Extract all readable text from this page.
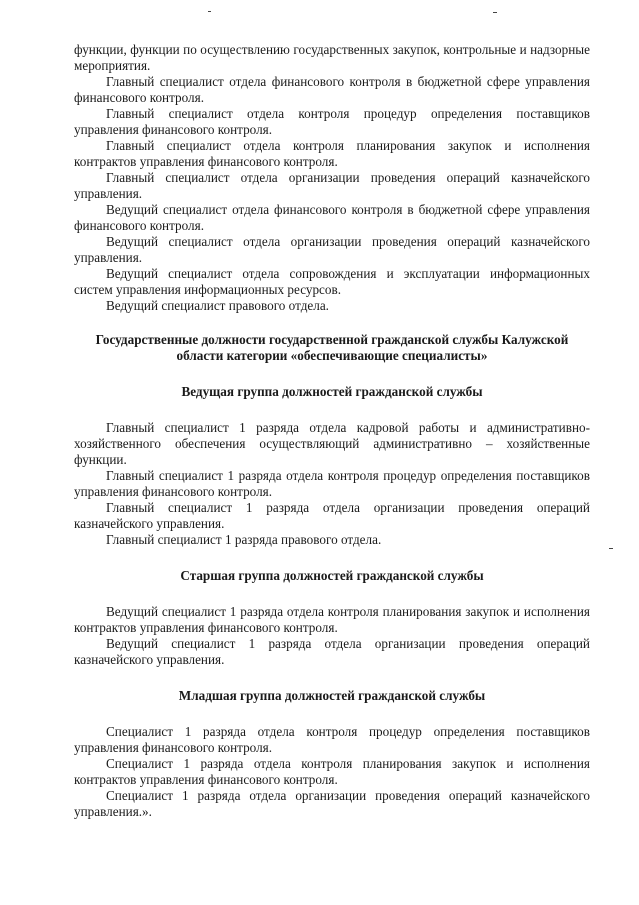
функции, функции по осуществлению государственных закупок, контрольные и надзорные мероприятия.

Главный специалист отдела финансового контроля в бюджетной сфере управления финансового контроля.

Главный специалист отдела контроля процедур определения поставщиков управления финансового контроля.

Главный специалист отдела контроля планирования закупок и исполнения контрактов управления финансового контроля.

Главный специалист отдела организации проведения операций казначейского управления.

Ведущий специалист отдела финансового контроля в бюджетной сфере управления финансового контроля.

Ведущий специалист отдела организации проведения операций казначейского управления.

Ведущий специалист отдела сопровождения и эксплуатации информационных систем управления информационных ресурсов.

Ведущий специалист правового отдела.

Государственные должности государственной гражданской службы Калужской области категории «обеспечивающие специалисты»

Ведущая группа должностей гражданской службы

Главный специалист 1 разряда отдела кадровой работы и административно-хозяйственного обеспечения осуществляющий административно – хозяйственные функции.

Главный специалист 1 разряда отдела контроля процедур определения поставщиков управления финансового контроля.

Главный специалист 1 разряда отдела организации проведения операций казначейского управления.

Главный специалист 1 разряда правового отдела.

Старшая группа должностей гражданской службы

Ведущий специалист 1 разряда отдела контроля планирования закупок и исполнения контрактов управления финансового контроля.

Ведущий специалист 1 разряда отдела организации проведения операций казначейского управления.

Младшая группа должностей гражданской службы

Специалист 1 разряда отдела контроля процедур определения поставщиков управления финансового контроля.

Специалист 1 разряда отдела контроля планирования закупок и исполнения контрактов управления финансового контроля.

Специалист 1 разряда отдела организации проведения операций казначейского управления.».
